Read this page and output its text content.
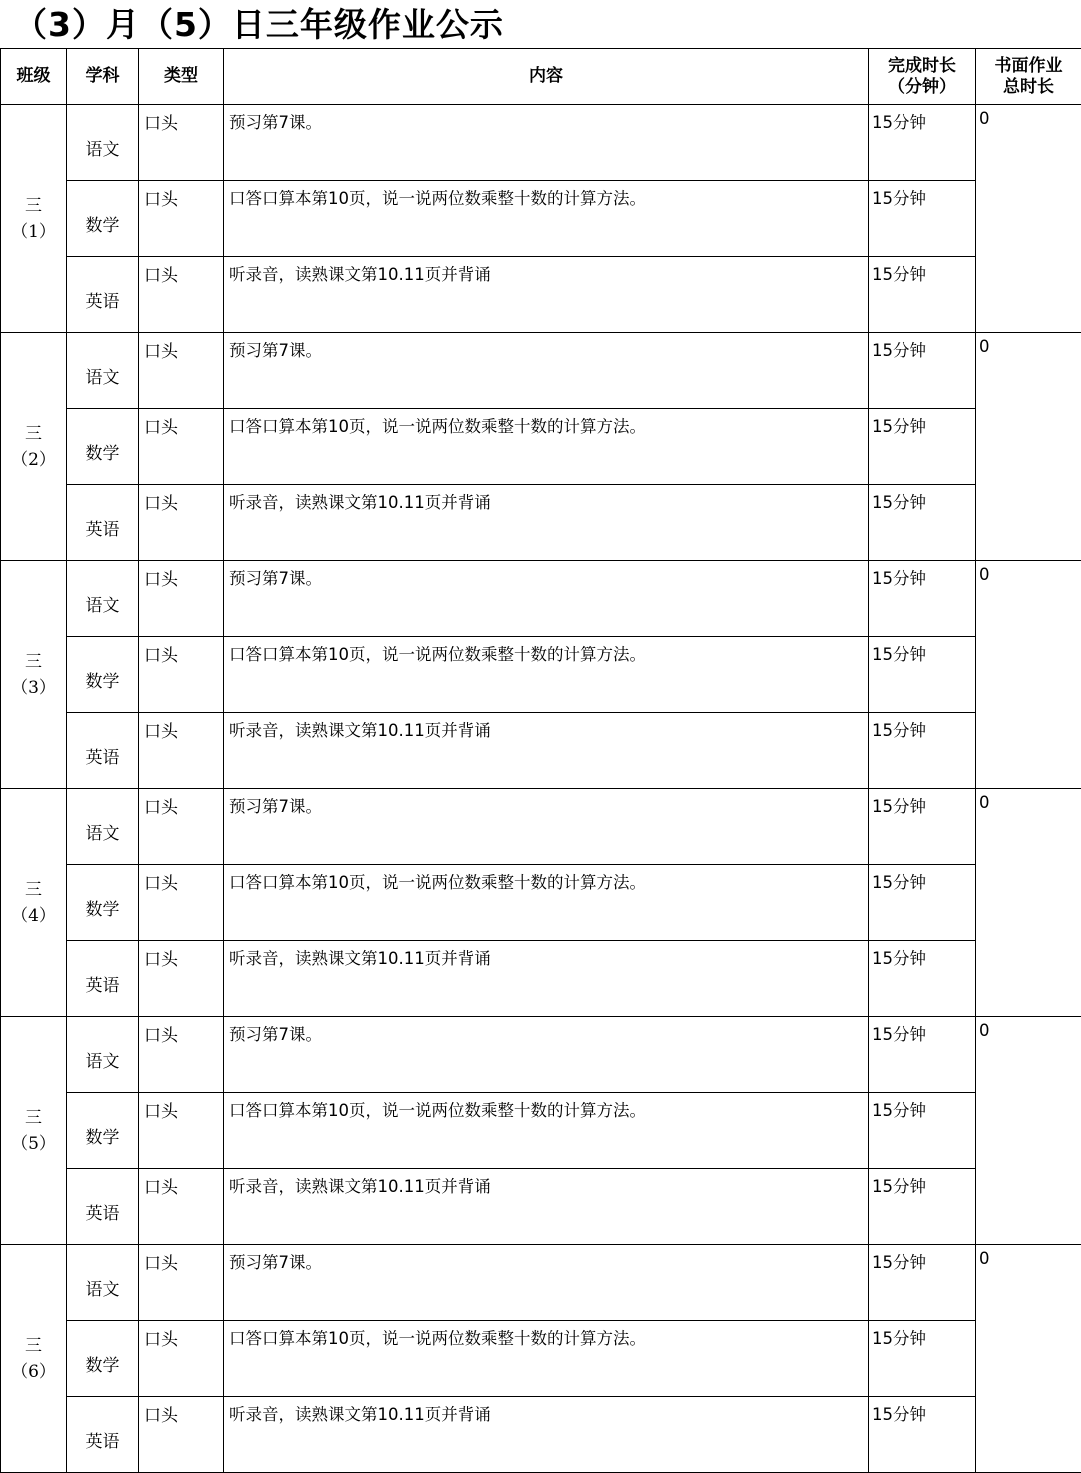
（3）月（5）日三年级作业公示
班级	学科	类型	内容	完成时长
（分钟）	书面作业
总时长

三
（1）	语文	口头	预习第7课。	15分钟	0
	数学	口头	口答口算本第10页，说一说两位数乘整十数的计算方法。	15分钟	
	英语	口头	听录音，读熟课文第10.11页并背诵	15分钟	

三
（2）	语文	口头	预习第7课。	15分钟	0
	数学	口头	口答口算本第10页，说一说两位数乘整十数的计算方法。	15分钟	
	英语	口头	听录音，读熟课文第10.11页并背诵	15分钟	

三
（3）	语文	口头	预习第7课。	15分钟	0
	数学	口头	口答口算本第10页，说一说两位数乘整十数的计算方法。	15分钟	
	英语	口头	听录音，读熟课文第10.11页并背诵	15分钟	

三
（4）	语文	口头	预习第7课。	15分钟	0
	数学	口头	口答口算本第10页，说一说两位数乘整十数的计算方法。	15分钟	
	英语	口头	听录音，读熟课文第10.11页并背诵	15分钟	

三
（5）	语文	口头	预习第7课。	15分钟	0
	数学	口头	口答口算本第10页，说一说两位数乘整十数的计算方法。	15分钟	
	英语	口头	听录音，读熟课文第10.11页并背诵	15分钟	

三
（6）	语文	口头	预习第7课。	15分钟	0
	数学	口头	口答口算本第10页，说一说两位数乘整十数的计算方法。	15分钟	
	英语	口头	听录音，读熟课文第10.11页并背诵	15分钟	
